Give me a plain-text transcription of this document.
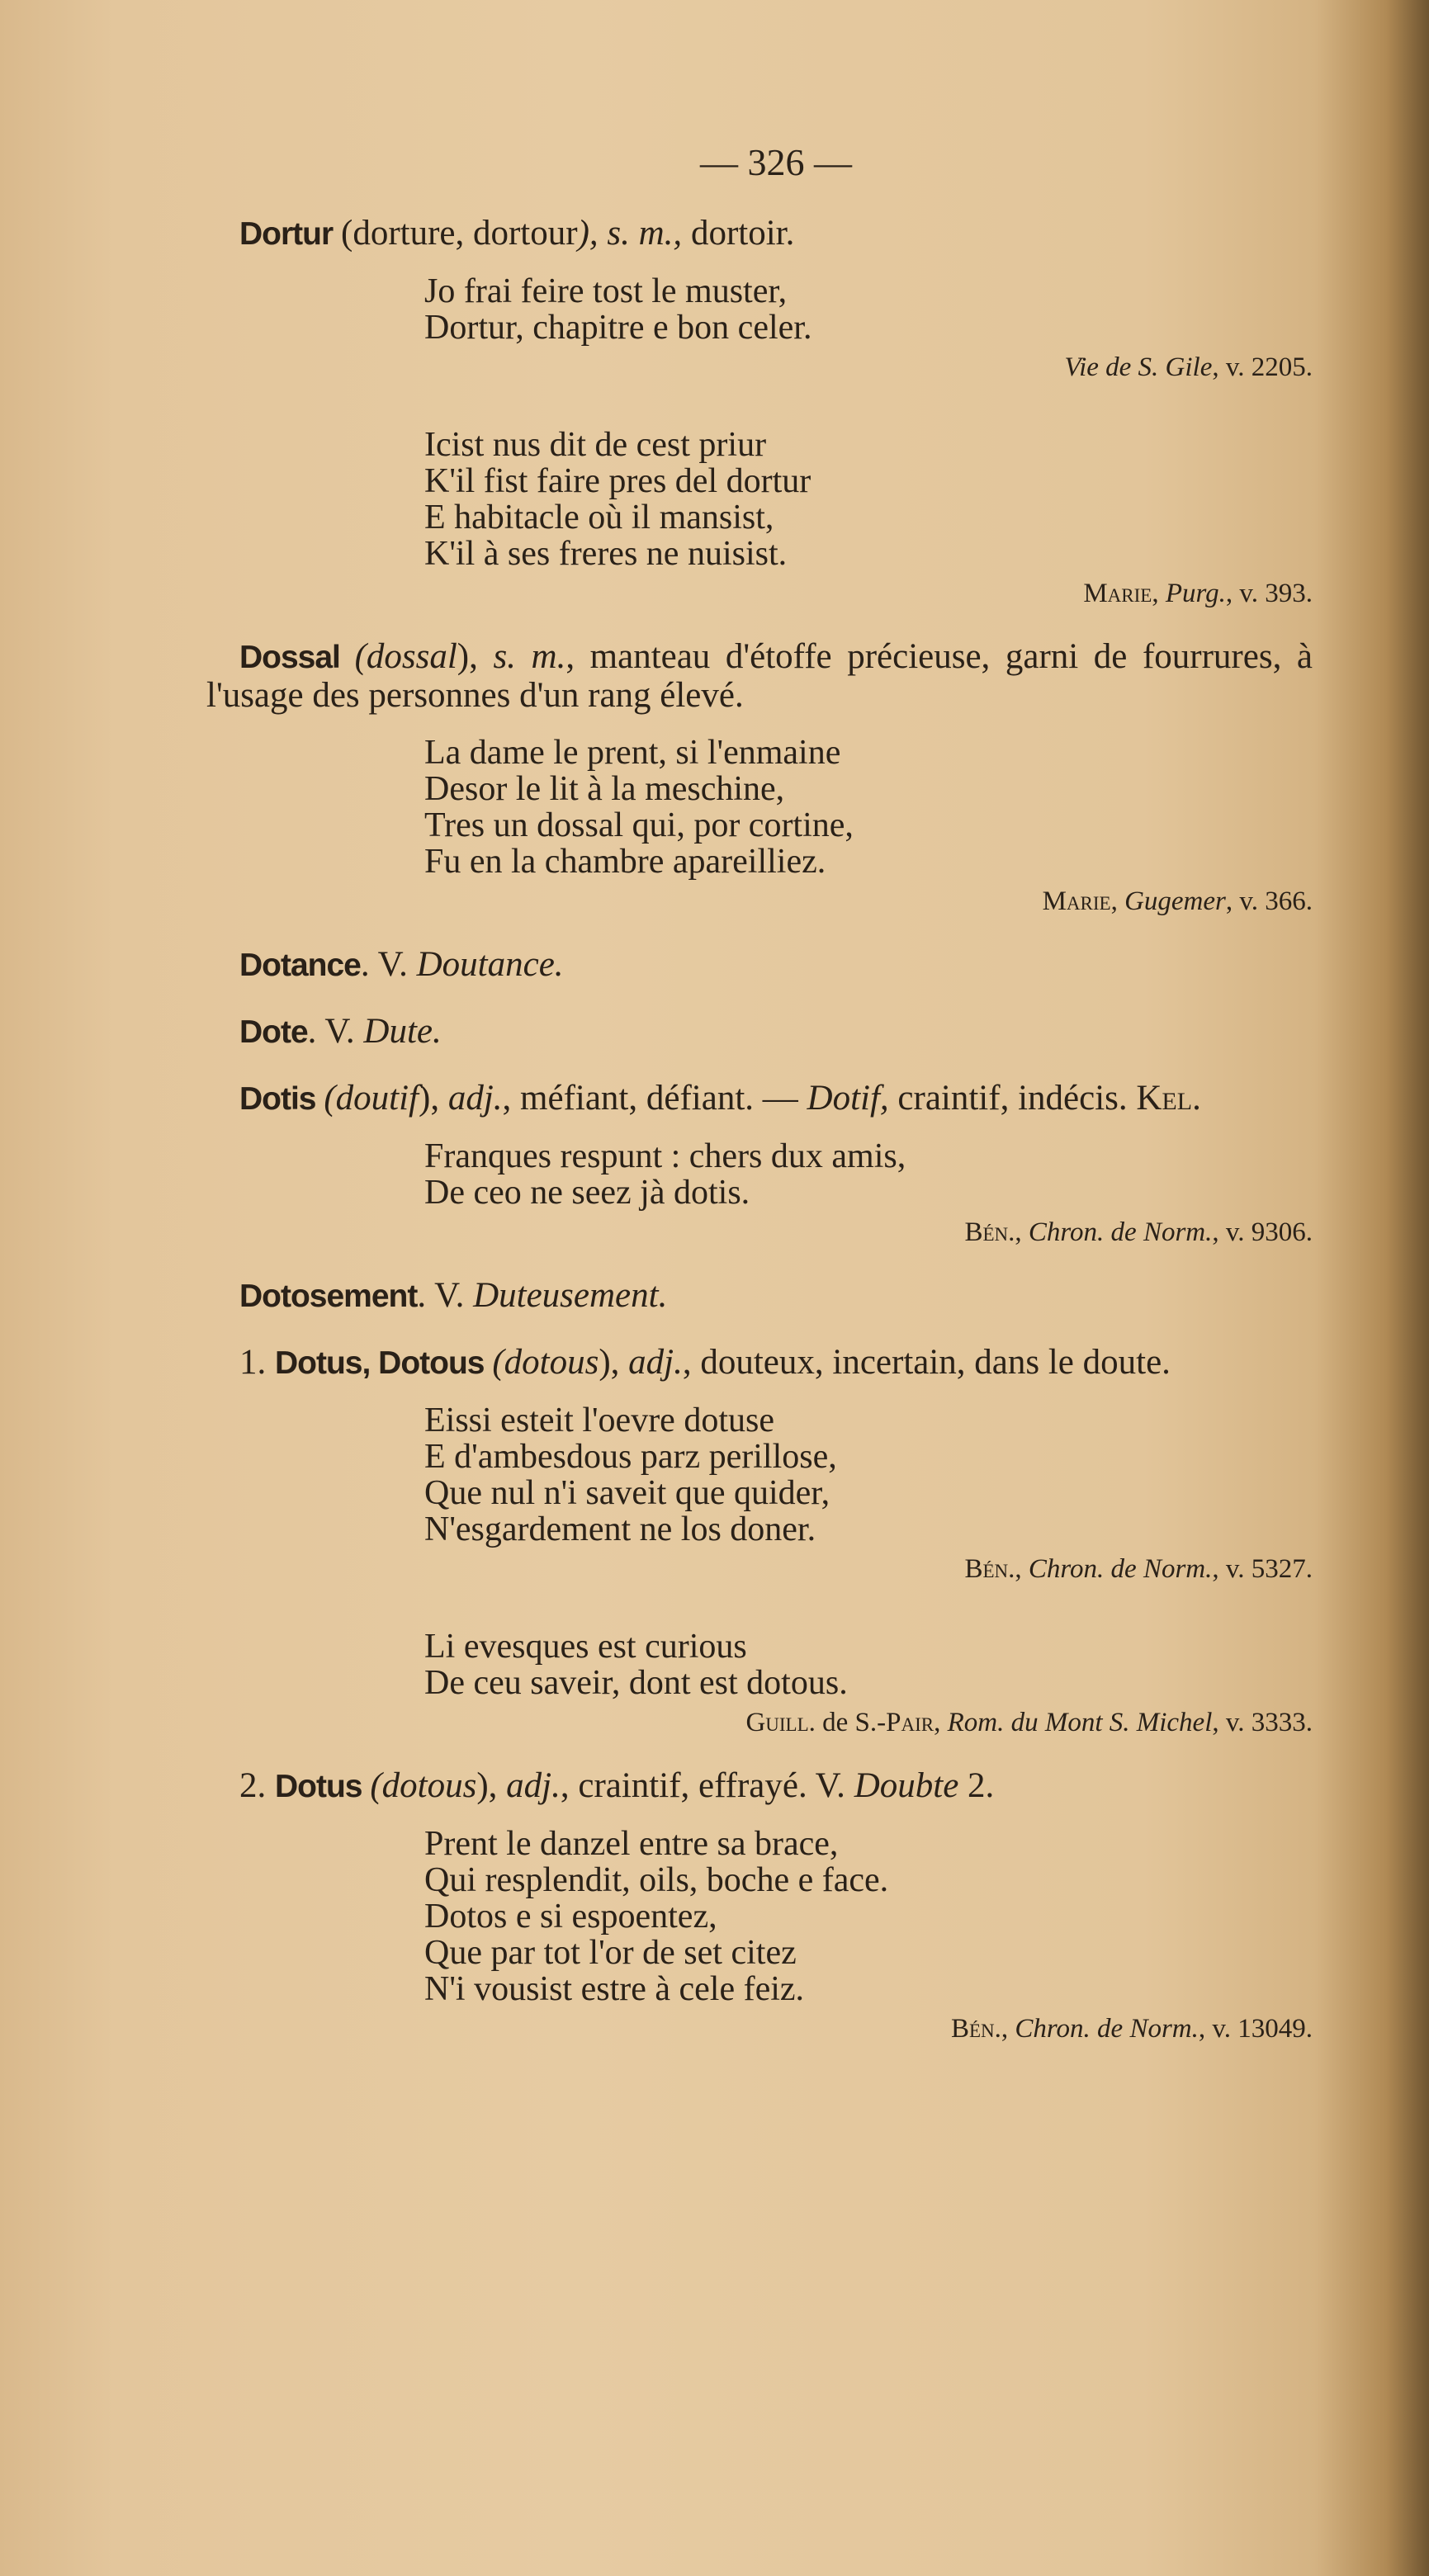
— 326 —

Dortur (dorture, dortour), s. m., dortoir.

Jo frai feire tost le muster,
Dortur, chapitre e bon celer.
Vie de S. Gile, v. 2205.
Icist nus dit de cest priur
K'il fist faire pres del dortur
E habitacle où il mansist,
K'il à ses freres ne nuisist.
Marie, Purg., v. 393.

Dossal (dossal), s. m., manteau d'étoffe précieuse, garni de fourrures, à l'usage des personnes d'un rang élevé.

La dame le prent, si l'enmaine
Desor le lit à la meschine,
Tres un dossal qui, por cortine,
Fu en la chambre apareilliez.
Marie, Gugemer, v. 366.

Dotance. V. Doutance.

Dote. V. Dute.

Dotis (doutif), adj., méfiant, défiant. — Dotif, craintif, indécis. Kel.

Franques respunt : chers dux amis,
De ceo ne seez jà dotis.
Bén., Chron. de Norm., v. 9306.

Dotosement. V. Duteusement.

1. Dotus, Dotous (dotous), adj., douteux, incertain, dans le doute.

Eissi esteit l'oevre dotuse
E d'ambesdous parz perillose,
Que nul n'i saveit que quider,
N'esgardement ne los doner.
Bén., Chron. de Norm., v. 5327.
Li evesques est curious
De ceu saveir, dont est dotous.
Guill. de S.-Pair, Rom. du Mont S. Michel, v. 3333.

2. Dotus (dotous), adj., craintif, effrayé. V. Doubte 2.

Prent le danzel entre sa brace,
Qui resplendit, oils, boche e face.
Dotos e si espoentez,
Que par tot l'or de set citez
N'i vousist estre à cele feiz.
Bén., Chron. de Norm., v. 13049.
